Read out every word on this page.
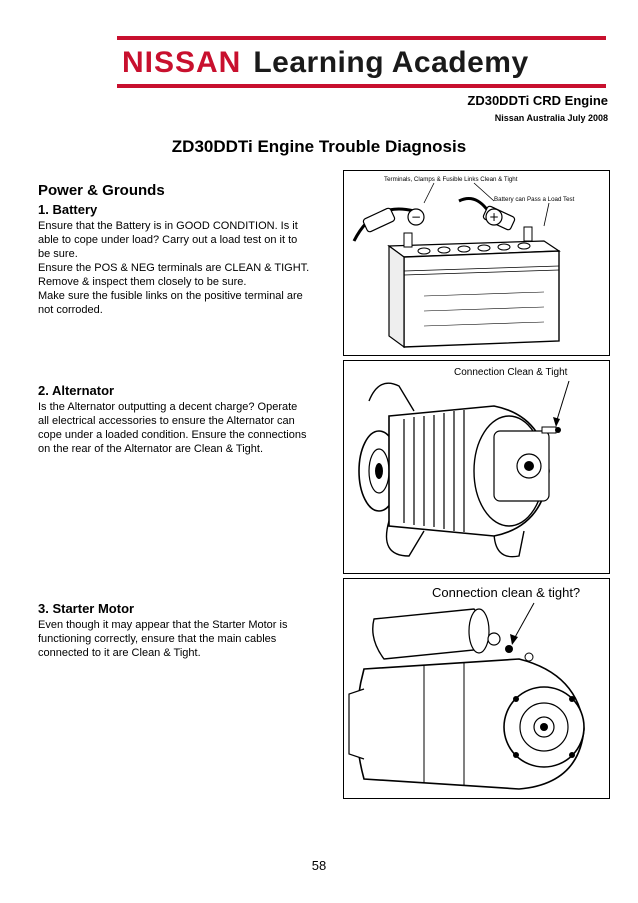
NISSAN Learning Academy
ZD30DDTi CRD Engine
Nissan Australia July 2008
ZD30DDTi Engine Trouble Diagnosis
Power & Grounds
1. Battery
Ensure that the Battery is in GOOD CONDITION. Is it
able to cope under load? Carry out a load test on it to
be sure.
Ensure the POS & NEG terminals are CLEAN & TIGHT.
Remove & inspect them closely to be sure.
Make sure the fusible links on the positive terminal are
not corroded.
Terminals, Clamps & Fusible Links Clean & Tight
Battery can Pass a Load Test
−	+
2. Alternator
Is the Alternator outputting a decent charge? Operate
all electrical accessories to ensure the Alternator can
cope under a loaded condition. Ensure the connections
on the rear of the Alternator are Clean & Tight.
Connection Clean & Tight
3. Starter Motor
Even though it may appear that the Starter Motor is
functioning correctly, ensure that the main cables
connected to it are Clean & Tight.
Connection clean & tight?
58
